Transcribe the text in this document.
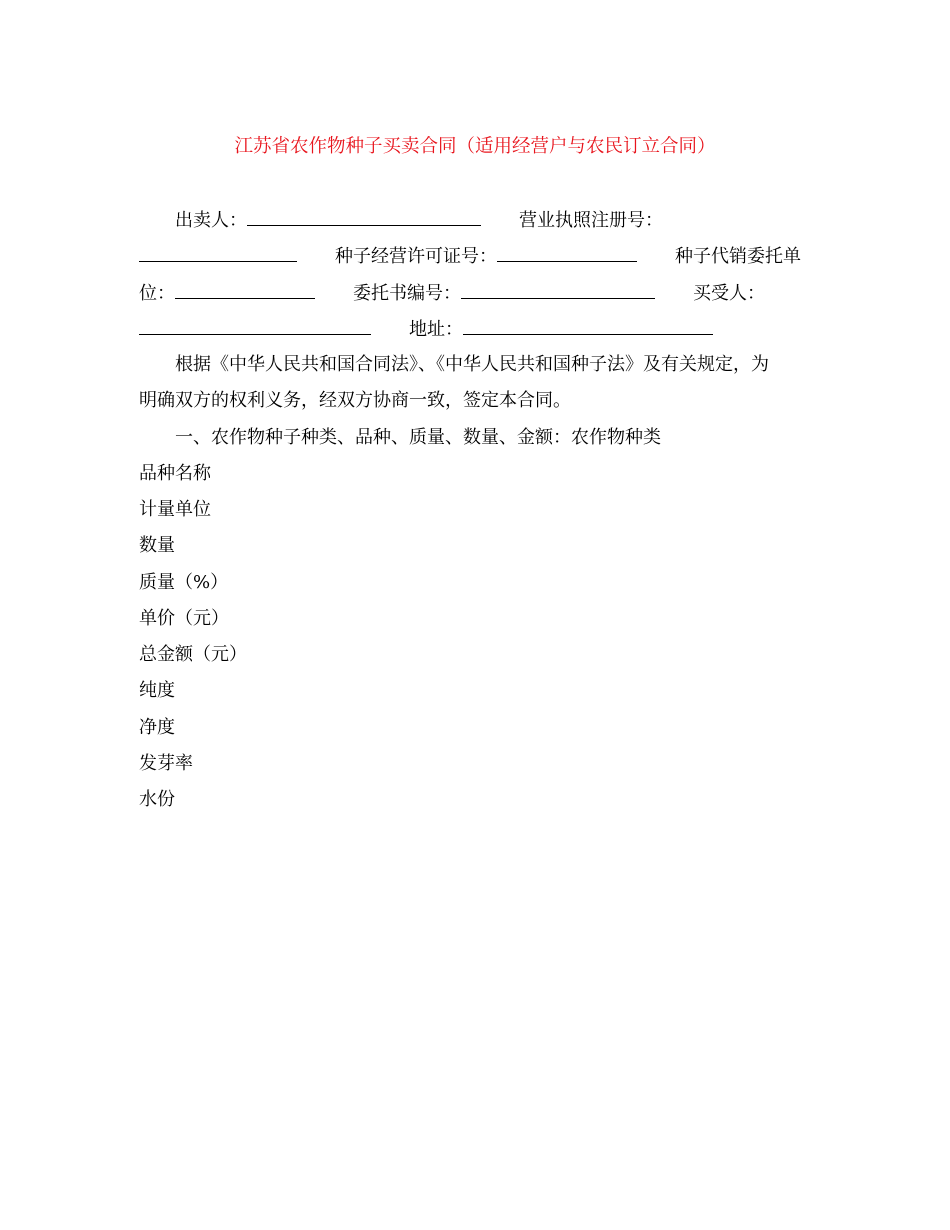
江苏省农作物种子买卖合同（适用经营户与农民订立合同）
出卖人：	营业执照注册号：
种子经营许可证号：	种子代销委托单
位：	委托书编号：	买受人：
地址：
根据《中华人民共和国合同法》、《中华人民共和国种子法》及有关规定，为
明确双方的权利义务，经双方协商一致，签定本合同。
一、农作物种子种类、品种、质量、数量、金额：农作物种类
品种名称
计量单位
数量
质量（%）
单价（元）
总金额（元）
纯度
净度
发芽率
水份
